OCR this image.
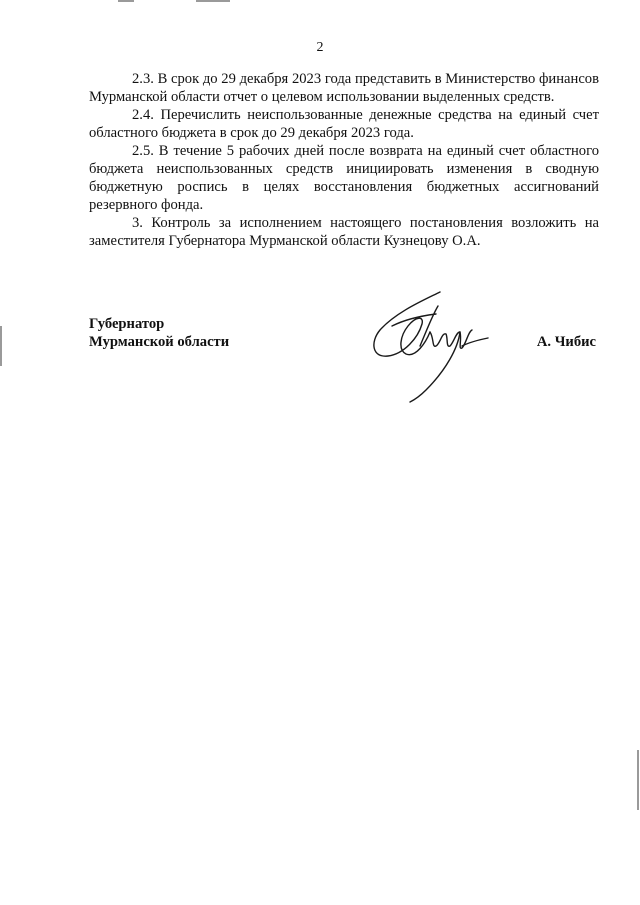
2

2.3. В срок до 29 декабря 2023 года представить в Министерство финансов Мурманской области отчет о целевом использовании выделенных средств.

2.4. Перечислить неиспользованные денежные средства на единый счет областного бюджета в срок до 29 декабря 2023 года.

2.5. В течение 5 рабочих дней после возврата на единый счет областного бюджета неиспользованных средств инициировать изменения в сводную бюджетную роспись в целях восстановления бюджетных ассигнований резервного фонда.

3. Контроль за исполнением настоящего постановления возложить на заместителя Губернатора Мурманской области Кузнецову О.А.

Губернатор
Мурманской области	А. Чибис
